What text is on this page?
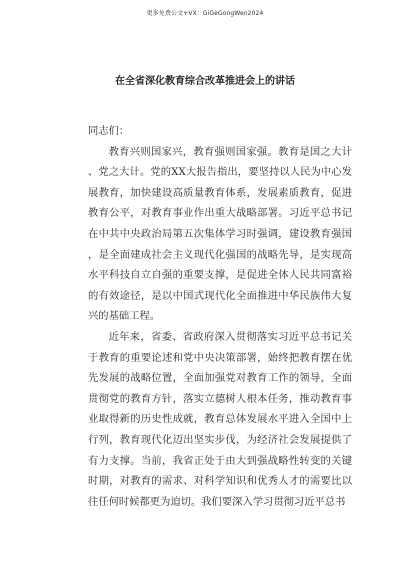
更多免费公文+VX：GiGeGongWen2024
在全省深化教育综合改革推进会上的讲话

同志们：

教育兴则国家兴，教育强则国家强。教育是国之大计、党之大计。党的XX大报告指出，要坚持以人民为中心发展教育，加快建设高质量教育体系，发展素质教育，促进教育公平，对教育事业作出重大战略部署。习近平总书记在中共中央政治局第五次集体学习时强调，建设教育强国，是全面建成社会主义现代化强国的战略先导，是实现高水平科技自立自强的重要支撑，是促进全体人民共同富裕的有效途径，是以中国式现代化全面推进中华民族伟大复兴的基础工程。

近年来，省委、省政府深入贯彻落实习近平总书记关于教育的重要论述和党中央决策部署，始终把教育摆在优先发展的战略位置，全面加强党对教育工作的领导，全面贯彻党的教育方针，落实立德树人根本任务，推动教育事业取得新的历史性成就，教育总体发展水平进入全国中上行列，教育现代化迈出坚实步伐，为经济社会发展提供了有力支撑。当前，我省正处于由大到强战略性转变的关键时期，对教育的需求、对科学知识和优秀人才的需要比以往任何时候都更为迫切。我们要深入学习贯彻习近平总书
